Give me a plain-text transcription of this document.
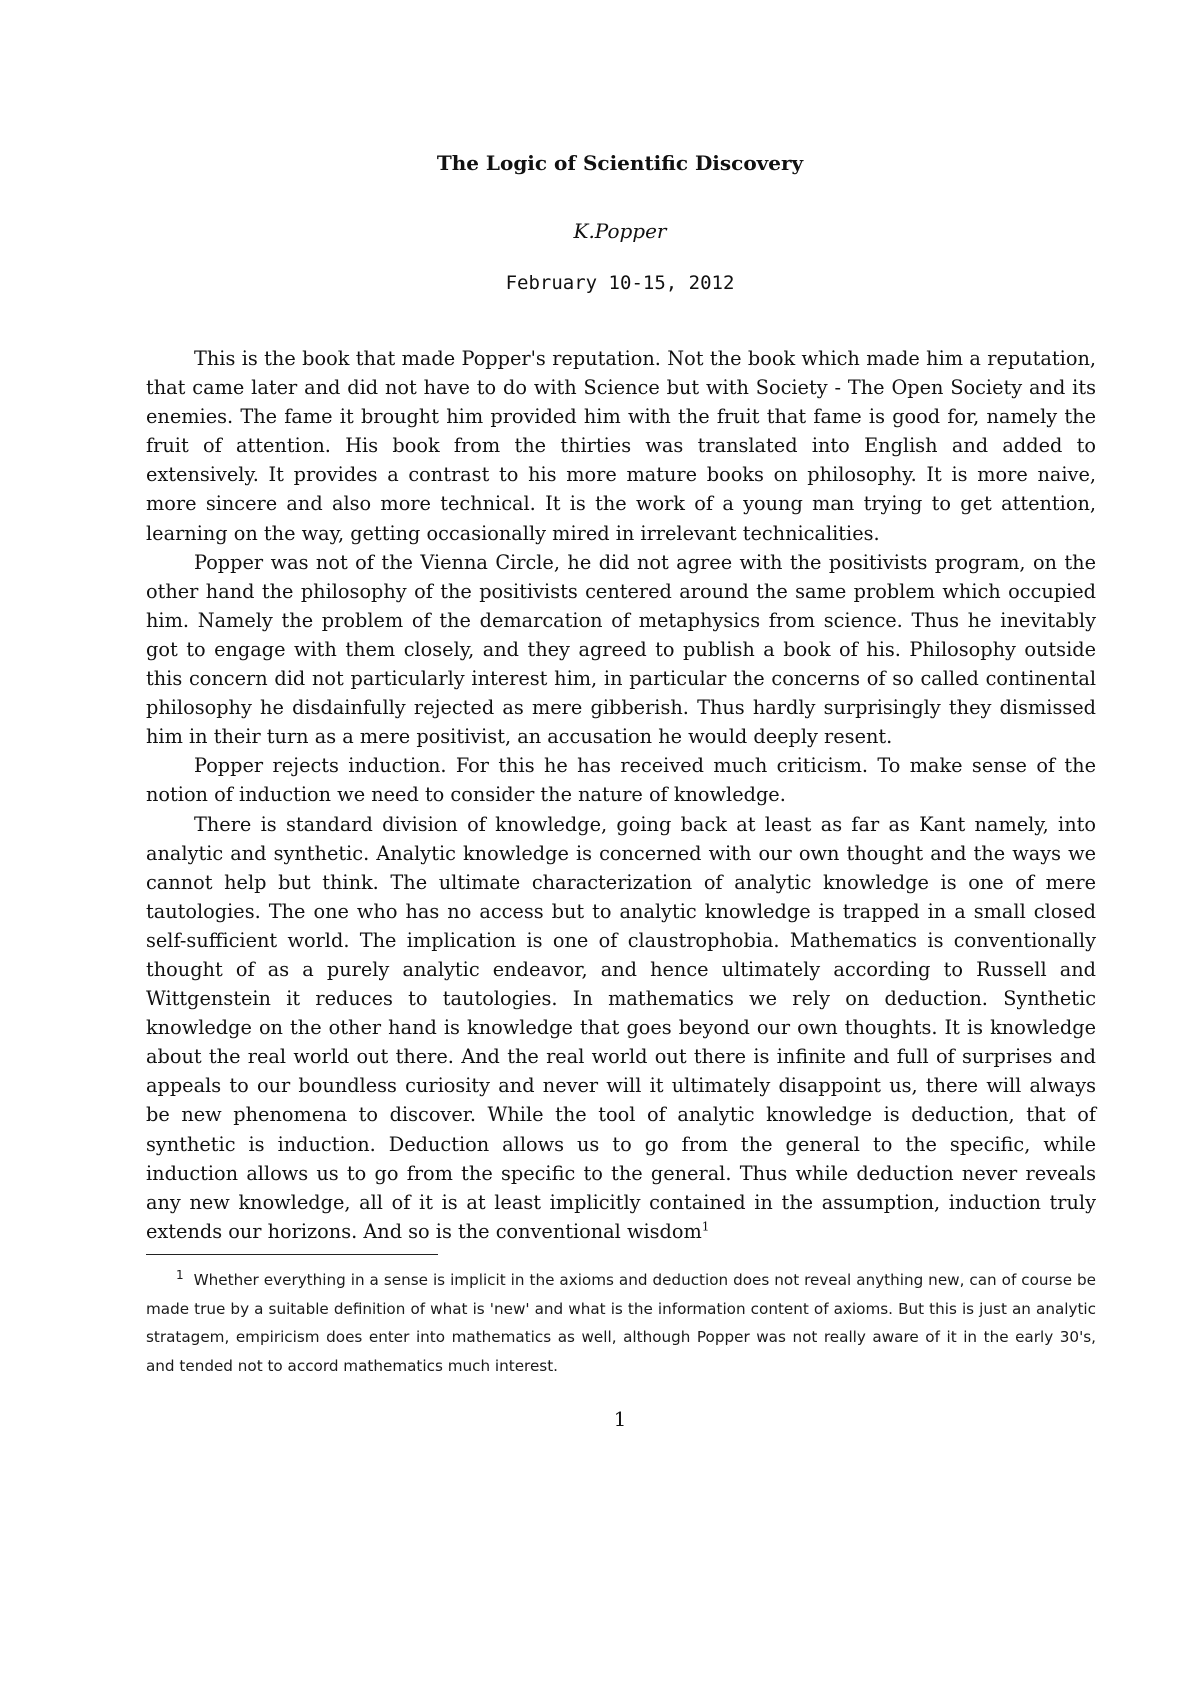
The Logic of Scientific Discovery
K.Popper
February 10-15, 2012

This is the book that made Popper's reputation. Not the book which made him a reputation, that came later and did not have to do with Science but with Society - The Open Society and its enemies. The fame it brought him provided him with the fruit that fame is good for, namely the fruit of attention. His book from the thirties was translated into English and added to extensively. It provides a contrast to his more mature books on philosophy. It is more naive, more sincere and also more technical. It is the work of a young man trying to get attention, learning on the way, getting occasionally mired in irrelevant technicalities.

Popper was not of the Vienna Circle, he did not agree with the positivists program, on the other hand the philosophy of the positivists centered around the same problem which occupied him. Namely the problem of the demarcation of metaphysics from science. Thus he inevitably got to engage with them closely, and they agreed to publish a book of his. Philosophy outside this concern did not particularly interest him, in particular the concerns of so called continental philosophy he disdainfully rejected as mere gibberish. Thus hardly surprisingly they dismissed him in their turn as a mere positivist, an accusation he would deeply resent.

Popper rejects induction. For this he has received much criticism. To make sense of the notion of induction we need to consider the nature of knowledge.

There is standard division of knowledge, going back at least as far as Kant namely, into analytic and synthetic. Analytic knowledge is concerned with our own thought and the ways we cannot help but think. The ultimate characterization of analytic knowledge is one of mere tautologies. The one who has no access but to analytic knowledge is trapped in a small closed self-sufficient world. The implication is one of claustrophobia. Mathematics is conventionally thought of as a purely analytic endeavor, and hence ultimately according to Russell and Wittgenstein it reduces to tautologies. In mathematics we rely on deduction. Synthetic knowledge on the other hand is knowledge that goes beyond our own thoughts. It is knowledge about the real world out there. And the real world out there is infinite and full of surprises and appeals to our boundless curiosity and never will it ultimately disappoint us, there will always be new phenomena to discover. While the tool of analytic knowledge is deduction, that of synthetic is induction. Deduction allows us to go from the general to the specific, while induction allows us to go from the specific to the general. Thus while deduction never reveals any new knowledge, all of it is at least implicitly contained in the assumption, induction truly extends our horizons. And so is the conventional wisdom$^1$

$^1$ Whether everything in a sense is implicit in the axioms and deduction does not reveal anything new, can of course be made true by a suitable definition of what is 'new' and what is the information content of axioms. But this is just an analytic stratagem, empiricism does enter into mathematics as well, although Popper was not really aware of it in the early 30's, and tended not to accord mathematics much interest.
1
